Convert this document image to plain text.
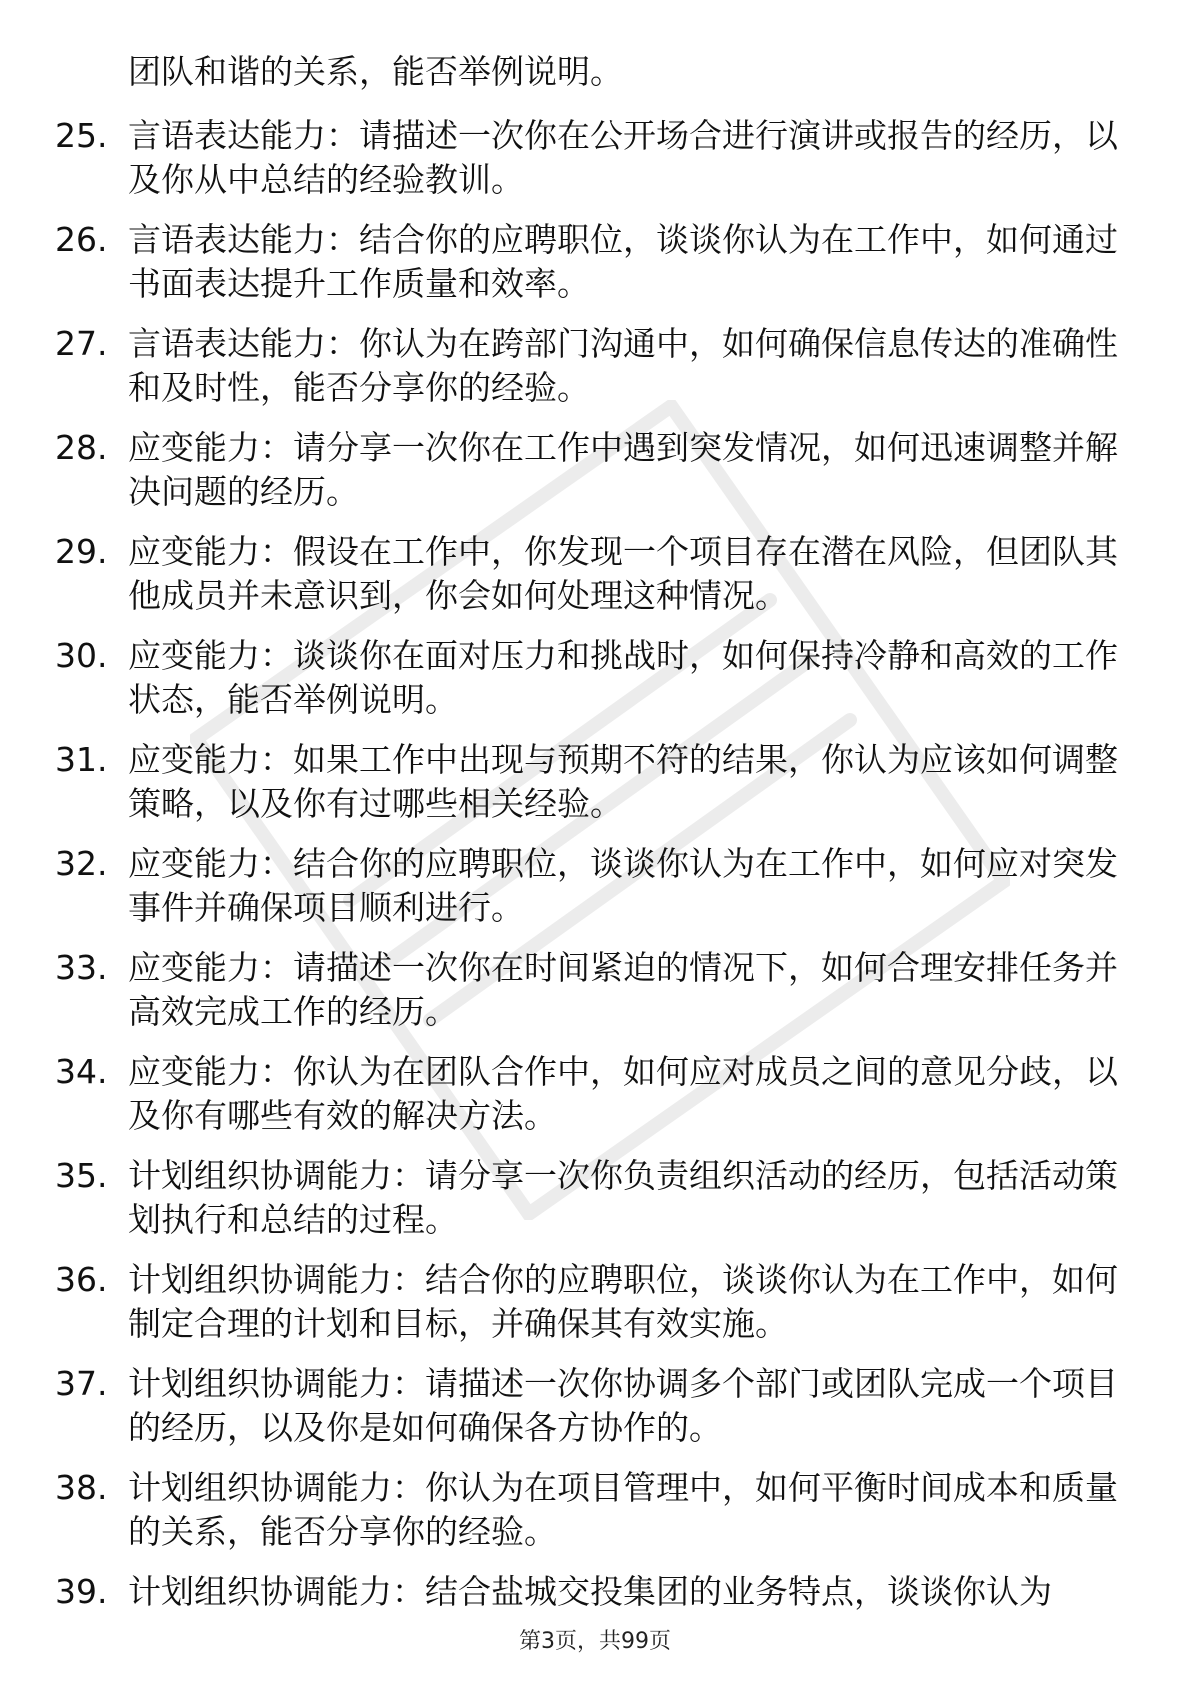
团队和谐的关系，能否举例说明。
25. 言语表达能力：请描述一次你在公开场合进行演讲或报告的经历，以及你从中总结的经验教训。
26. 言语表达能力：结合你的应聘职位，谈谈你认为在工作中，如何通过书面表达提升工作质量和效率。
27. 言语表达能力：你认为在跨部门沟通中，如何确保信息传达的准确性和及时性，能否分享你的经验。
28. 应变能力：请分享一次你在工作中遇到突发情况，如何迅速调整并解决问题的经历。
29. 应变能力：假设在工作中，你发现一个项目存在潜在风险，但团队其他成员并未意识到，你会如何处理这种情况。
30. 应变能力：谈谈你在面对压力和挑战时，如何保持冷静和高效的工作状态，能否举例说明。
31. 应变能力：如果工作中出现与预期不符的结果，你认为应该如何调整策略，以及你有过哪些相关经验。
32. 应变能力：结合你的应聘职位，谈谈你认为在工作中，如何应对突发事件并确保项目顺利进行。
33. 应变能力：请描述一次你在时间紧迫的情况下，如何合理安排任务并高效完成工作的经历。
34. 应变能力：你认为在团队合作中，如何应对成员之间的意见分歧，以及你有哪些有效的解决方法。
35. 计划组织协调能力：请分享一次你负责组织活动的经历，包括活动策划执行和总结的过程。
36. 计划组织协调能力：结合你的应聘职位，谈谈你认为在工作中，如何制定合理的计划和目标，并确保其有效实施。
37. 计划组织协调能力：请描述一次你协调多个部门或团队完成一个项目的经历，以及你是如何确保各方协作的。
38. 计划组织协调能力：你认为在项目管理中，如何平衡时间成本和质量的关系，能否分享你的经验。
39. 计划组织协调能力：结合盐城交投集团的业务特点，谈谈你认为
第3页，共99页
